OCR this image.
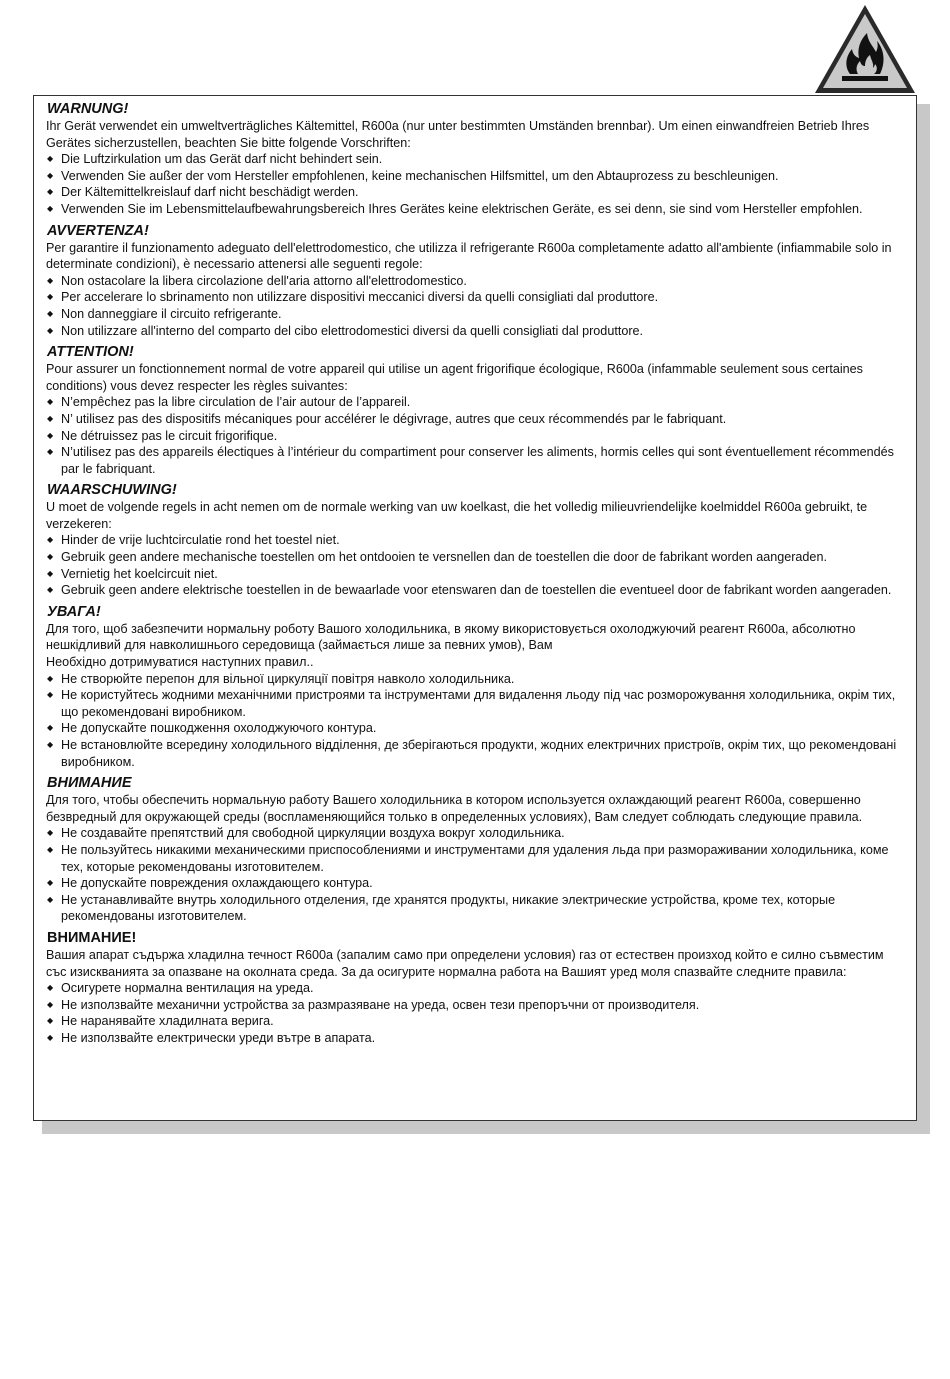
WARNUNG!

Ihr Gerät verwendet ein umweltverträgliches Kältemittel, R600a (nur unter bestimmten Umständen brennbar). Um einen einwandfreien Betrieb Ihres Gerätes sicherzustellen, beachten Sie bitte folgende Vorschriften:

◆ Die Luftzirkulation um das Gerät darf nicht behindert sein.
◆ Verwenden Sie außer der vom Hersteller empfohlenen, keine mechanischen Hilfsmittel, um den Abtauprozess zu beschleunigen.
◆ Der Kältemittelkreislauf darf nicht beschädigt werden.
◆ Verwenden Sie im Lebensmittelaufbewahrungsbereich Ihres Gerätes keine elektrischen Geräte, es sei denn, sie sind vom Hersteller empfohlen.
AVVERTENZA!

Per garantire il funzionamento adeguato dell'elettrodomestico, che utilizza il refrigerante R600a completamente adatto all'ambiente (infiammabile solo in determinate condizioni), è necessario attenersi alle seguenti regole:

◆ Non ostacolare la libera circolazione dell'aria attorno all'elettrodomestico.
◆ Per accelerare lo sbrinamento non utilizzare dispositivi meccanici diversi da quelli consigliati dal produttore.
◆ Non danneggiare il circuito refrigerante.
◆ Non utilizzare all'interno del comparto del cibo elettrodomestici diversi da quelli consigliati dal produttore.
ATTENTION!

Pour assurer un fonctionnement normal de votre appareil qui utilise un agent frigorifique écologique, R600a (infammable seulement sous certaines conditions) vous devez respecter les règles suivantes:

◆ N’empêchez pas la libre circulation de l’air autour de l’appareil.
◆ N’ utilisez pas des dispositifs mécaniques pour accélérer le dégivrage, autres que ceux récommendés par le fabriquant.
◆ Ne détruissez pas le circuit frigorifique.
◆ N’utilisez pas des appareils électiques à l’intérieur du compartiment pour conserver les aliments, hormis celles qui sont éventuellement récommendés par le fabriquant.
WAARSCHUWING!

U moet de volgende regels in acht nemen om de normale werking van uw koelkast, die het volledig milieuvriendelijke koelmiddel R600a gebruikt, te verzekeren:

◆ Hinder de vrije luchtcirculatie rond het toestel niet.
◆ Gebruik geen andere mechanische toestellen om het ontdooien te versnellen dan de toestellen die door de fabrikant worden aangeraden.
◆ Vernietig het koelcircuit niet.
◆ Gebruik geen andere elektrische toestellen in de bewaarlade voor etenswaren dan de toestellen die eventueel door de fabrikant worden aangeraden.
УВАГА!

Для того, щоб забезпечити нормальну роботу Вашого холодильника, в якому використовується охолоджуючий реагент R600a, абсолютно нешкідливий для навколишнього середовища (займається лише за певних умов), Вам

Необхідно дотримуватися наступних правил..

◆ Не створюйте перепон для вільної циркуляції повітря навколо холодильника.
◆ Не користуйтесь жодними механічними пристроями та інструментами для видалення льоду під час розморожування холодильника, окрім тих, що рекомендовані виробником.
◆ Не допускайте пошкодження охолоджуючого контура.
◆ Не встановлюйте всередину холодильного відділення, де зберігаються продукти, жодних електричних пристроїв, окрім тих, що рекомендовані виробником.
ВНИМАНИЕ

Для того, чтобы обеспечить нормальную работу Вашего холодильника в котором используется охлаждающий реагент R600a, совершенно безвредный для окружающей среды (воспламеняющийся только в определенных условиях), Вам следует соблюдать следующие правила.

◆ Не создавайте препятствий для свободной циркуляции воздуха вокруг холодильника.
◆ Не пользуйтесь никакими механическими приспособлениями и инструментами для удаления льда при размораживании холодильника, коме тех, которые рекомендованы изготовителем.
◆ Не допускайте повреждения охлаждающего контура.
◆ Не устанавливайте внутрь холодильного отделения, где хранятся продукты, никакие электрические устройства, кроме тех, которые рекомендованы изготовителем.
ВНИМАНИЕ!

Вашия апарат съдържа хладилна течност R600a (запалим само при определени условия) газ от естествен произход който е силно съвместим със изискванията за опазване на околната среда. За да осигурите нормална работа на Вашият уред моля спазвайте следните правила:

◆ Осигурете нормална вентилация на уреда.
◆ Не използвайте механични устройства за размразяване на уреда, освен тези препоръчни от производителя.
◆ Не наранявайте хладилната верига.
◆ Не използвайте електрически уреди вътре в апарата.
